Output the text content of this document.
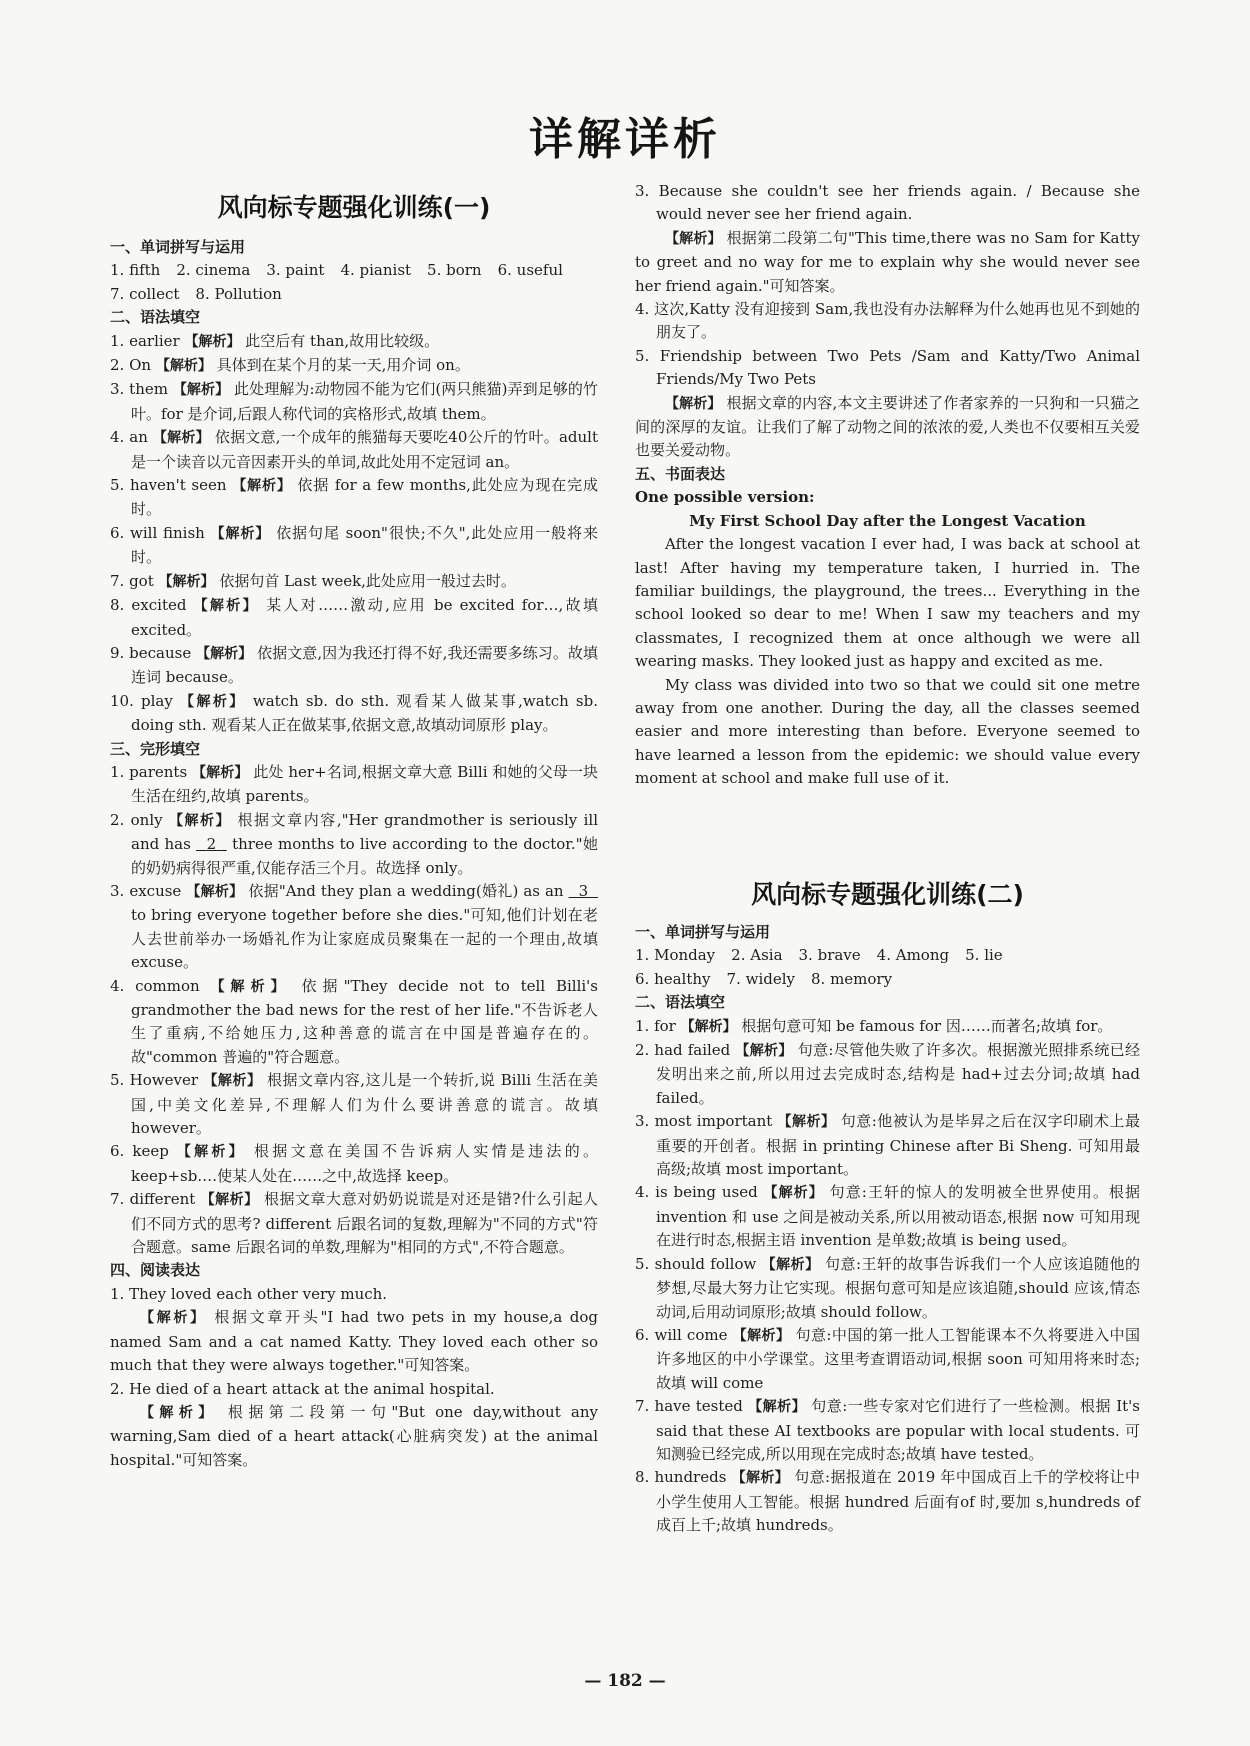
详解详析
风向标专题强化训练(一)

一、单词拼写与运用

1. fifth 2. cinema 3. paint 4. pianist 5. born 6. useful
7. collect 8. Pollution

二、语法填空

1. earlier 【解析】 此空后有 than,故用比较级。

2. On 【解析】 具体到在某个月的某一天,用介词 on。

3. them 【解析】 此处理解为:动物园不能为它们(两只熊猫)弄到足够的竹叶。for 是介词,后跟人称代词的宾格形式,故填 them。

4. an 【解析】 依据文意,一个成年的熊猫每天要吃40公斤的竹叶。adult 是一个读音以元音因素开头的单词,故此处用不定冠词 an。

5. haven't seen 【解析】 依据 for a few months,此处应为现在完成时。

6. will finish 【解析】 依据句尾 soon"很快;不久",此处应用一般将来时。

7. got 【解析】 依据句首 Last week,此处应用一般过去时。

8. excited 【解析】 某人对……激动,应用 be excited for…,故填 excited。

9. because 【解析】 依据文意,因为我还打得不好,我还需要多练习。故填连词 because。

10. play 【解析】 watch sb. do sth. 观看某人做某事,watch sb. doing sth. 观看某人正在做某事,依据文意,故填动词原形 play。

三、完形填空

1. parents 【解析】 此处 her+名词,根据文章大意 Billi 和她的父母一块生活在纽约,故填 parents。

2. only 【解析】 根据文章内容,"Her grandmother is seriously ill and has 2 three months to live according to the doctor."她的奶奶病得很严重,仅能存活三个月。故选择 only。

3. excuse 【解析】 依据"And they plan a wedding(婚礼) as an 3   to bring everyone together before she dies."可知,他们计划在老人去世前举办一场婚礼作为让家庭成员聚集在一起的一个理由,故填 excuse。

4. common 【解析】 依据"They decide not to tell Billi's grandmother the bad news for the rest of her life."不告诉老人生了重病,不给她压力,这种善意的谎言在中国是普遍存在的。故"common 普遍的"符合题意。

5. However 【解析】 根据文章内容,这儿是一个转折,说 Billi 生活在美国,中美文化差异,不理解人们为什么要讲善意的谎言。故填 however。

6. keep 【解析】 根据文意在美国不告诉病人实情是违法的。keep+sb.…使某人处在……之中,故选择 keep。

7. different 【解析】 根据文章大意对奶奶说谎是对还是错?什么引起人们不同方式的思考? different 后跟名词的复数,理解为"不同的方式"符合题意。same 后跟名词的单数,理解为"相同的方式",不符合题意。

四、阅读表达

1. They loved each other very much.

【解析】 根据文章开头"I had two pets in my house,a dog named Sam and a cat named Katty. They loved each other so much that they were always together."可知答案。

2. He died of a heart attack at the animal hospital.

【解析】 根据第二段第一句"But one day,without any warning,Sam died of a heart attack(心脏病突发) at the animal hospital."可知答案。

3. Because she couldn't see her friends again. / Because she would never see her friend again.

【解析】 根据第二段第二句"This time,there was no Sam for Katty to greet and no way for me to explain why she would never see her friend again."可知答案。

4. 这次,Katty 没有迎接到 Sam,我也没有办法解释为什么她再也见不到她的朋友了。

5. Friendship between Two Pets /Sam and Katty/Two Animal Friends/My Two Pets

【解析】 根据文章的内容,本文主要讲述了作者家养的一只狗和一只猫之间的深厚的友谊。让我们了解了动物之间的浓浓的爱,人类也不仅要相互关爱也要关爱动物。

五、书面表达

One possible version:

My First School Day after the Longest Vacation

After the longest vacation I ever had, I was back at school at last! After having my temperature taken, I hurried in. The familiar buildings, the playground, the trees... Everything in the school looked so dear to me! When I saw my teachers and my classmates, I recognized them at once although we were all wearing masks. They looked just as happy and excited as me.

My class was divided into two so that we could sit one metre away from one another. During the day, all the classes seemed easier and more interesting than before. Everyone seemed to have learned a lesson from the epidemic: we should value every moment at school and make full use of it.

风向标专题强化训练(二)

一、单词拼写与运用

1. Monday 2. Asia 3. brave 4. Among 5. lie
6. healthy 7. widely 8. memory

二、语法填空

1. for 【解析】 根据句意可知 be famous for 因……而著名;故填 for。

2. had failed 【解析】 句意:尽管他失败了许多次。根据激光照排系统已经发明出来之前,所以用过去完成时态,结构是 had+过去分词;故填 had failed。

3. most important 【解析】 句意:他被认为是毕昇之后在汉字印刷术上最重要的开创者。根据 in printing Chinese after Bi Sheng. 可知用最高级;故填 most important。

4. is being used 【解析】 句意:王轩的惊人的发明被全世界使用。根据 invention 和 use 之间是被动关系,所以用被动语态,根据 now 可知用现在进行时态,根据主语 invention 是单数;故填 is being used。

5. should follow 【解析】 句意:王轩的故事告诉我们一个人应该追随他的梦想,尽最大努力让它实现。根据句意可知是应该追随,should 应该,情态动词,后用动词原形;故填 should follow。

6. will come 【解析】 句意:中国的第一批人工智能课本不久将要进入中国许多地区的中小学课堂。这里考查谓语动词,根据 soon 可知用将来时态;故填 will come

7. have tested 【解析】 句意:一些专家对它们进行了一些检测。根据 It's said that these AI textbooks are popular with local students. 可知测验已经完成,所以用现在完成时态;故填 have tested。

8. hundreds 【解析】 句意:据报道在 2019 年中国成百上千的学校将让中小学生使用人工智能。根据 hundred 后面有of 时,要加 s,hundreds of 成百上千;故填 hundreds。

— 182 —
